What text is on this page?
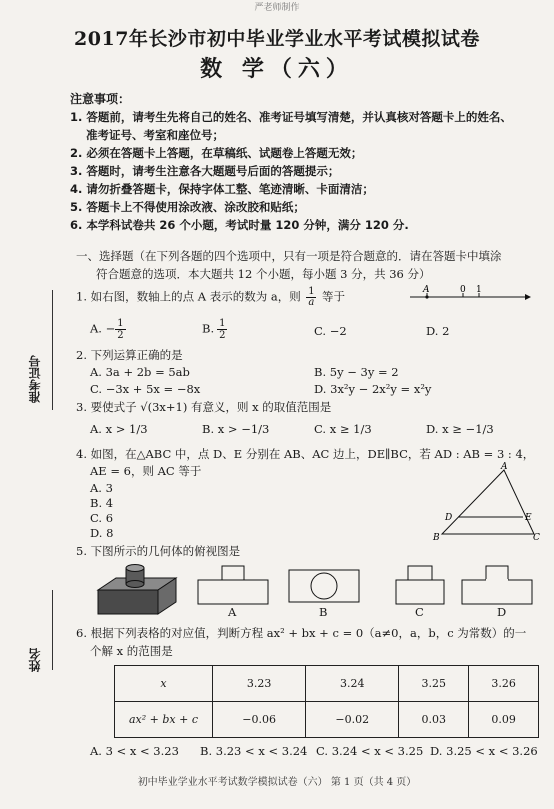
严老师制作
2017年长沙市初中毕业学业水平考试模拟试卷
数 学（六）
注意事项：
1. 答题前，请考生先将自己的姓名、准考证号填写清楚，并认真核对答题卡上的姓名、
准考证号、考室和座位号；
2. 必须在答题卡上答题，在草稿纸、试题卷上答题无效；
3. 答题时，请考生注意各大题题号后面的答题提示；
4. 请勿折叠答题卡，保持字体工整、笔迹清晰、卡面清洁；
5. 答题卡上不得使用涂改液、涂改胶和贴纸；
6. 本学科试卷共 26 个小题，考试时量 120 分钟，满分 120 分.
一、选择题（在下列各题的四个选项中，只有一项是符合题意的．请在答题卡中填涂
符合题意的选项．本大题共 12 个小题，每小题 3 分，共 36 分）
准考证号
姓名
1. 如右图，数轴上的点 A 表示的数为 a，则 1
a 等于	A	0 1
A. − 1
2	B. 1
2	C. −2	D. 2
2. 下列运算正确的是
A. 3a + 2b = 5ab	B. 5y − 3y = 2
C. −3x + 5x = −8x	D. 3x²y − 2x²y = x²y
3. 要使式子 √(3x+1) 有意义，则 x 的取值范围是
A. x > 1/3	B. x > −1/3	C. x ≥ 1/3	D. x ≥ −1/3
4. 如图，在△ABC 中，点 D、E 分别在 AB、AC 边上，DE∥BC，若 AD : AB = 3 : 4，
AE = 6，则 AC 等于
A. 3
B. 4
C. 6
D. 8
A
D	E
B	C
5. 下图所示的几何体的俯视图是
A	B	C	D
6. 根据下列表格的对应值，判断方程 ax² + bx + c = 0（a≠0，a，b，c 为常数）的一
个解 x 的范围是
x	3.23	3.24	3.25	3.26
ax² + bx + c	−0.06	−0.02	0.03	0.09
A. 3 < x < 3.23 B. 3.23 < x < 3.24 C. 3.24 < x < 3.25 D. 3.25 < x < 3.26
初中毕业学业水平考试数学模拟试卷（六） 第 1 页（共 4 页）
